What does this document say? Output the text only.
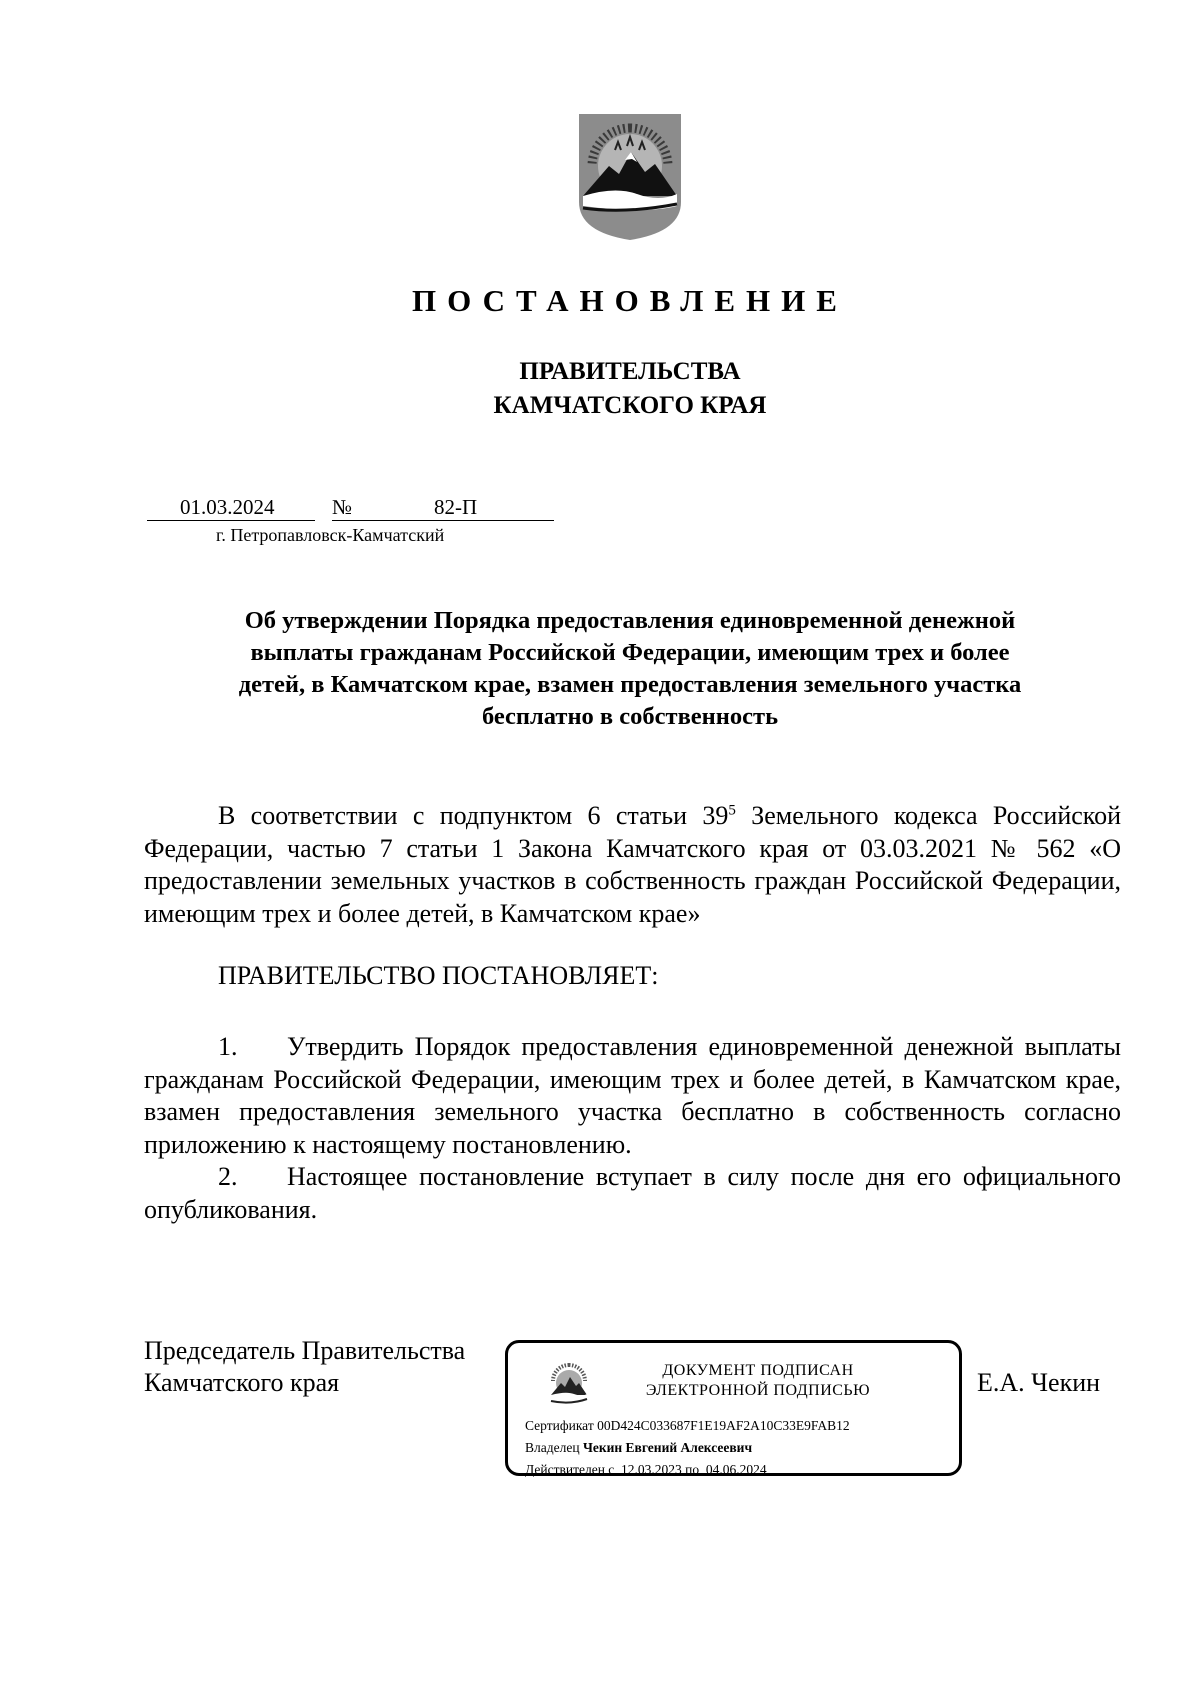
ПОСТАНОВЛЕНИЕ
ПРАВИТЕЛЬСТВА
КАМЧАТСКОГО КРАЯ
01.03.2024	№	82-П
г. Петропавловск-Камчатский
Об утверждении Порядка предоставления единовременной денежной
выплаты гражданам Российской Федерации, имеющим трех и более
детей, в Камчатском крае, взамен предоставления земельного участка
бесплатно в собственность
В соответствии с подпунктом 6 статьи $39^5$ Земельного кодекса Российской Федерации, частью 7 статьи 1 Закона Камчатского края от 03.03.2021 № 562 «О предоставлении земельных участков в собственность граждан Российской Федерации, имеющим трех и более детей, в Камчатском крае»
ПРАВИТЕЛЬСТВО ПОСТАНОВЛЯЕТ:

1. Утвердить Порядок предоставления единовременной денежной выплаты гражданам Российской Федерации, имеющим трех и более детей, в Камчатском крае, взамен предоставления земельного участка бесплатно в собственность согласно приложению к настоящему постановлению.

2. Настоящее постановление вступает в силу после дня его официального опубликования.

Председатель Правительства
Камчатского края	Е.А. Чекин
ДОКУМЕНТ ПОДПИСАН
ЭЛЕКТРОННОЙ ПОДПИСЬЮ
Сертификат 00D424C033687F1E19AF2A10C33E9FAB12
Владелец Чекин Евгений Алексеевич
Действителен с 12.03.2023 по 04.06.2024
